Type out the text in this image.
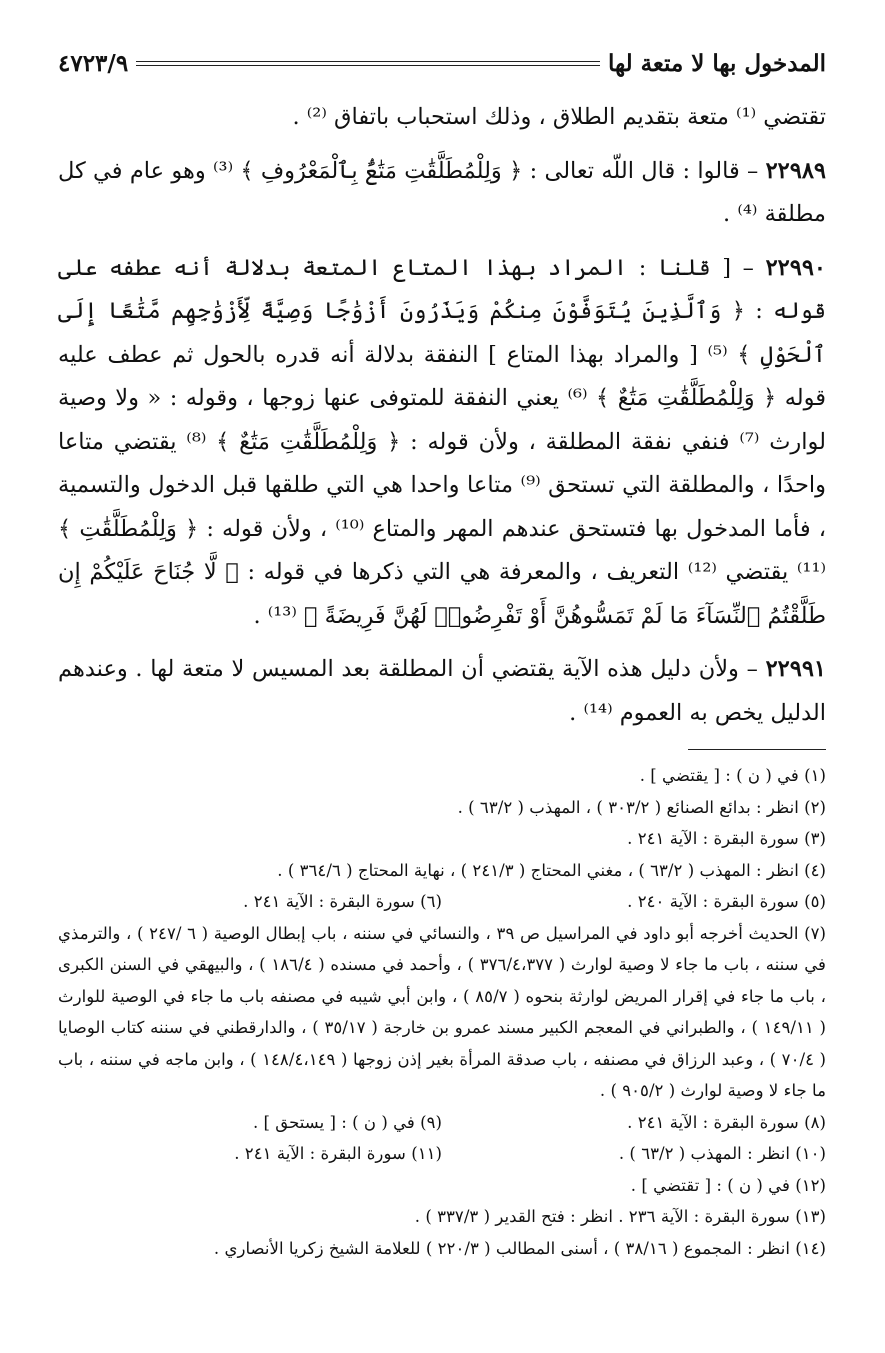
المدخول بها لا متعة لها
٤٧٢٣/٩

تقتضي ⁽¹⁾ متعة بتقديم الطلاق ، وذلك استحباب باتفاق ⁽²⁾ .

٢٢٩٨٩ – قالوا : قال اللّه تعالى : ﴿ وَلِلْمُطَلَّقَٰتِ مَتَٰعٌۢ بِٱلْمَعْرُوفِ ﴾ ⁽³⁾ وهو عام في كل مطلقة ⁽⁴⁾ .

٢٢٩٩٠ – [ قلنا : المراد بهذا المتاع المتعة بدلالة أنه عطفه على قوله : ﴿ وَٱلَّذِينَ يُتَوَفَّوْنَ مِنكُمْ وَيَذَرُونَ أَزْوَٰجًا وَصِيَّةً لِّأَزْوَٰجِهِم مَّتَٰعًا إِلَى ٱلْحَوْلِ ﴾ ⁽⁵⁾ [ والمراد بهذا المتاع ] النفقة بدلالة أنه قدره بالحول ثم عطف عليه قوله ﴿ وَلِلْمُطَلَّقَٰتِ مَتَٰعٌ ﴾ ⁽⁶⁾ يعني النفقة للمتوفى عنها زوجها ، وقوله : « ولا وصية لوارث ⁽⁷⁾ فنفي نفقة المطلقة ، ولأن قوله : ﴿ وَلِلْمُطَلَّقَٰتِ مَتَٰعٌ ﴾ ⁽⁸⁾ يقتضي متاعا واحدًا ، والمطلقة التي تستحق ⁽⁹⁾ متاعا واحدا هي التي طلقها قبل الدخول والتسمية ، فأما المدخول بها فتستحق عندهم المهر والمتاع ⁽¹⁰⁾ ، ولأن قوله : ﴿ وَلِلْمُطَلَّقَٰتِ ﴾ ⁽¹¹⁾ يقتضي ⁽¹²⁾ التعريف ، والمعرفة هي التي ذكرها في قوله : ﴿ لَّا جُنَاحَ عَلَيْكُمْ إِن طَلَّقْتُمُ ٱلنِّسَآءَ مَا لَمْ تَمَسُّوهُنَّ أَوْ تَفْرِضُوا۟ لَهُنَّ فَرِيضَةً ﴾ ⁽¹³⁾ .

٢٢٩٩١ – ولأن دليل هذه الآية يقتضي أن المطلقة بعد المسيس لا متعة لها . وعندهم الدليل يخص به العموم ⁽¹⁴⁾ .

(١) في ( ن ) : [ يقتضي ] .
(٢) انظر : بدائع الصنائع ( ٣٠٣/٢ ) ، المهذب ( ٦٣/٢ ) .
(٣) سورة البقرة : الآية ٢٤١ .
(٤) انظر : المهذب ( ٦٣/٢ ) ، مغني المحتاج ( ٢٤١/٣ ) ، نهاية المحتاج ( ٣٦٤/٦ ) .
(٥) سورة البقرة : الآية ٢٤٠ .
(٦) سورة البقرة : الآية ٢٤١ .
(٧) الحديث أخرجه أبو داود في المراسيل ص ٣٩ ، والنسائي في سننه ، باب إبطال الوصية ( ٦ /٢٤٧ ) ، والترمذي في سننه ، باب ما جاء لا وصية لوارث ( ٣٧٦/٤،٣٧٧ ) ، وأحمد في مسنده ( ١٨٦/٤ ) ، والبيهقي في السنن الكبرى ، باب ما جاء في إقرار المريض لوارثة بنحوه ( ٨٥/٧ ) ، وابن أبي شيبه في مصنفه باب ما جاء في الوصية للوارث ( ١٤٩/١١ ) ، والطبراني في المعجم الكبير مسند عمرو بن خارجة ( ٣٥/١٧ ) ، والدارقطني في سننه كتاب الوصايا ( ٧٠/٤ ) ، وعبد الرزاق في مصنفه ، باب صدقة المرأة بغير إذن زوجها ( ١٤٨/٤،١٤٩ ) ، وابن ماجه في سننه ، باب ما جاء لا وصية لوارث ( ٩٠٥/٢ ) .
(٨) سورة البقرة : الآية ٢٤١ .
(٩) في ( ن ) : [ يستحق ] .
(١٠) انظر : المهذب ( ٦٣/٢ ) .
(١١) سورة البقرة : الآية ٢٤١ .
(١٢) في ( ن ) : [ تقتضي ] .
(١٣) سورة البقرة : الآية ٢٣٦ . انظر : فتح القدير ( ٣٣٧/٣ ) .
(١٤) انظر : المجموع ( ٣٨/١٦ ) ، أسنى المطالب ( ٢٢٠/٣ ) للعلامة الشيخ زكريا الأنصاري .
